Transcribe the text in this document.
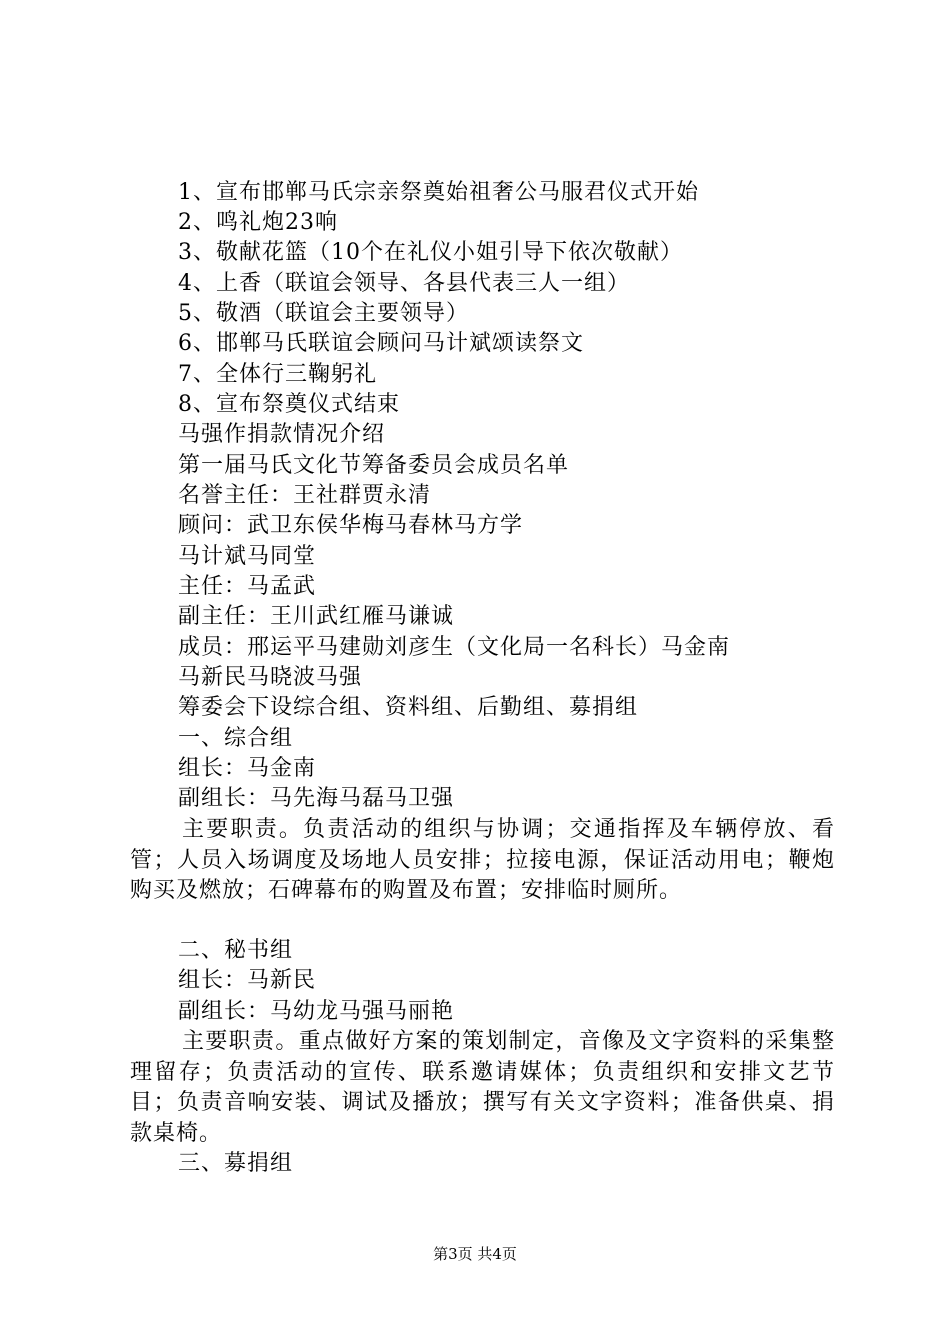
1、宣布邯郸马氏宗亲祭奠始祖奢公马服君仪式开始
2、鸣礼炮23响
3、敬献花篮（10个在礼仪小姐引导下依次敬献）
4、上香（联谊会领导、各县代表三人一组）
5、敬酒（联谊会主要领导）
6、邯郸马氏联谊会顾问马计斌颂读祭文
7、全体行三鞠躬礼
8、宣布祭奠仪式结束
马强作捐款情况介绍
第一届马氏文化节筹备委员会成员名单
名誉主任：王社群贾永清
顾问：武卫东侯华梅马春林马方学
马计斌马同堂
主任：马孟武
副主任：王川武红雁马谦诚
成员：邢运平马建勋刘彦生（文化局一名科长）马金南
马新民马晓波马强
筹委会下设综合组、资料组、后勤组、募捐组
一、综合组
组长：马金南
副组长：马先海马磊马卫强
主要职责。负责活动的组织与协调；交通指挥及车辆停放、看管；人员入场调度及场地人员安排；拉接电源，保证活动用电；鞭炮购买及燃放；石碑幕布的购置及布置；安排临时厕所。
二、秘书组
组长：马新民
副组长：马幼龙马强马丽艳
主要职责。重点做好方案的策划制定，音像及文字资料的采集整理留存；负责活动的宣传、联系邀请媒体；负责组织和安排文艺节目；负责音响安装、调试及播放；撰写有关文字资料；准备供桌、捐款桌椅。
三、募捐组
第3页 共4页
